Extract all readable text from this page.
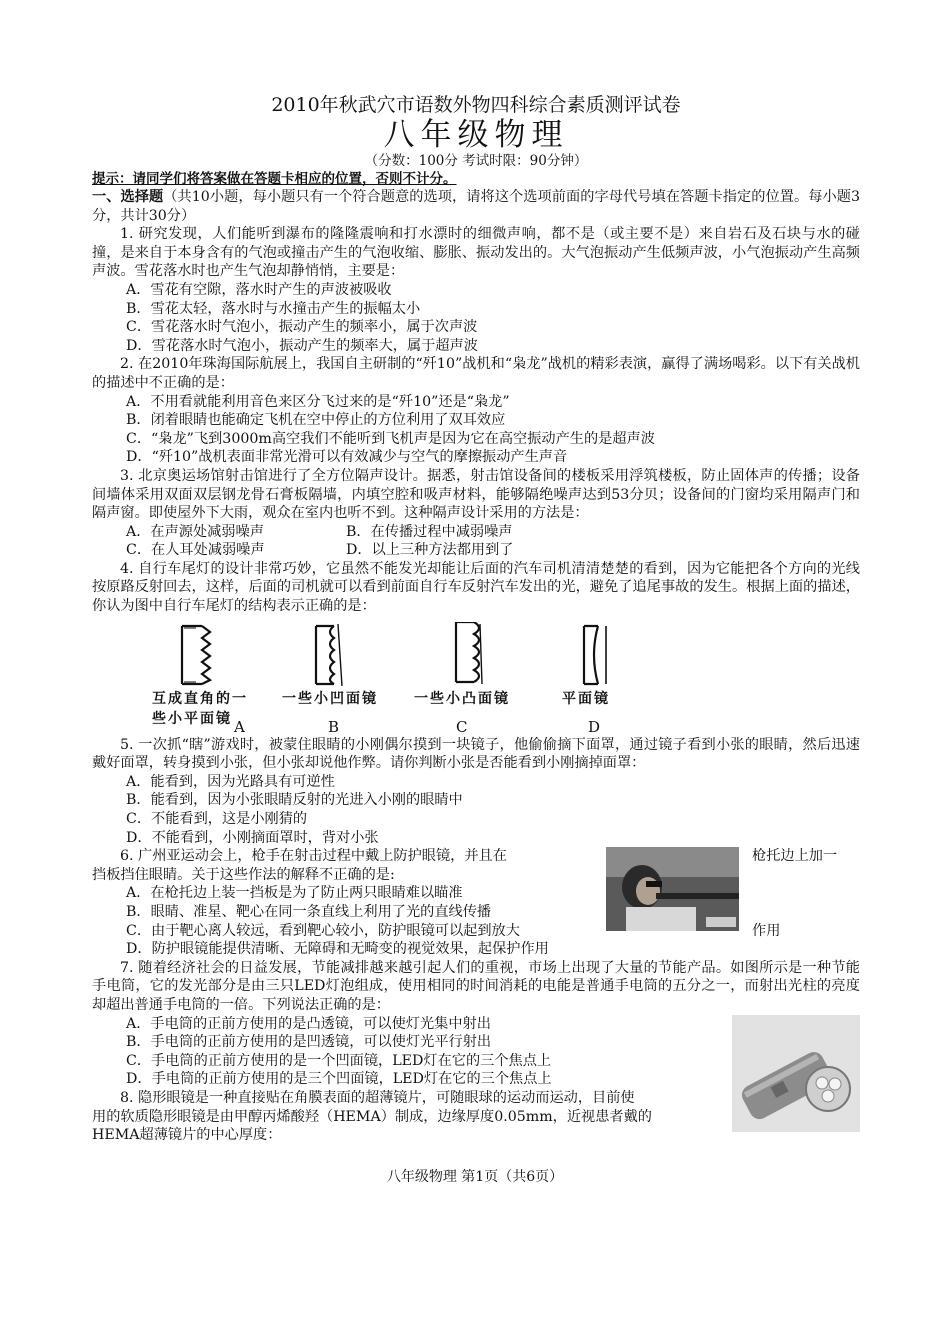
2010年秋武穴市语数外物四科综合素质测评试卷
八年级物理
（分数：100分 考试时限：90分钟）
提示：请同学们将答案做在答题卡相应的位置，否则不计分。

一、选择题（共10小题，每小题只有一个符合题意的选项，请将这个选项前面的字母代号填在答题卡指定的位置。每小题3分，共计30分）

1. 研究发现，人们能听到瀑布的隆隆震响和打水漂时的细微声响，都不是（或主要不是）来自岩石及石块与水的碰撞，是来自于本身含有的气泡或撞击产生的气泡收缩、膨胀、振动发出的。大气泡振动产生低频声波，小气泡振动产生高频声波。雪花落水时也产生气泡却静悄悄，主要是：

A．雪花有空隙，落水时产生的声波被吸收
B．雪花太轻，落水时与水撞击产生的振幅太小
C．雪花落水时气泡小，振动产生的频率小，属于次声波
D．雪花落水时气泡小，振动产生的频率大，属于超声波

2. 在2010年珠海国际航展上，我国自主研制的“歼10”战机和“枭龙”战机的精彩表演，赢得了满场喝彩。以下有关战机的描述中不正确的是：

A．不用看就能利用音色来区分飞过来的是“歼10”还是“枭龙”
B．闭着眼睛也能确定飞机在空中停止的方位利用了双耳效应
C．“枭龙”飞到3000m高空我们不能听到飞机声是因为它在高空振动产生的是超声波
D．“歼10”战机表面非常光滑可以有效减少与空气的摩擦振动产生声音

3. 北京奥运场馆射击馆进行了全方位隔声设计。据悉，射击馆设备间的楼板采用浮筑楼板，防止固体声的传播；设备间墙体采用双面双层钢龙骨石膏板隔墙，内填空腔和吸声材料，能够隔绝噪声达到53分贝；设备间的门窗均采用隔声门和隔声窗。即使屋外下大雨，观众在室内也听不到。这种隔声设计采用的方法是：

A．在声源处减弱噪声	B．在传播过程中减弱噪声
C．在人耳处减弱噪声	D．以上三种方法都用到了

4. 自行车尾灯的设计非常巧妙，它虽然不能发光却能让后面的汽车司机清清楚楚的看到，因为它能把各个方向的光线按原路反射回去，这样，后面的司机就可以看到前面自行车反射汽车发出的光，避免了追尾事故的发生。根据上面的描述，你认为图中自行车尾灯的结构表示正确的是：

互成直角的一
些小平面镜
一些小凹面镜	一些小凸面镜	平面镜
A	B	C	D

5. 一次抓“瞎”游戏时，被蒙住眼睛的小刚偶尔摸到一块镜子，他偷偷摘下面罩，通过镜子看到小张的眼睛，然后迅速戴好面罩，转身摸到小张，但小张却说他作弊。请你判断小张是否能看到小刚摘掉面罩：

A．能看到，因为光路具有可逆性
B．能看到，因为小张眼睛反射的光进入小刚的眼睛中
C．不能看到，这是小刚猜的
D．不能看到，小刚摘面罩时，背对小张
枪托边上加一

6. 广州亚运动会上，枪手在射击过程中戴上防护眼镜，并且在

挡板挡住眼睛。关于这些作法的解释不正确的是:

A．在枪托边上装一挡板是为了防止两只眼睛难以瞄准
B．眼睛、准星、靶心在同一条直线上利用了光的直线传播
C．由于靶心离人较远，看到靶心较小，防护眼镜可以起到放大	作用
D．防护眼镜能提供清晰、无障碍和无畸变的视觉效果，起保护作用

7. 随着经济社会的日益发展，节能减排越来越引起人们的重视，市场上出现了大量的节能产品。如图所示是一种节能手电筒，它的发光部分是由三只LED灯泡组成，使用相同的时间消耗的电能是普通手电筒的五分之一，而射出光柱的亮度却超出普通手电筒的一倍。下列说法正确的是：

A．手电筒的正前方使用的是凸透镜，可以使灯光集中射出
B．手电筒的正前方使用的是凹透镜，可以使灯光平行射出
C．手电筒的正前方使用的是一个凹面镜，LED灯在它的三个焦点上
D．手电筒的正前方使用的是三个凹面镜，LED灯在它的三个焦点上

8. 隐形眼镜是一种直接贴在角膜表面的超薄镜片，可随眼球的运动而运动，目前使

用的软质隐形眼镜是由甲醇丙烯酸羟（HEMA）制成，边缘厚度0.05mm，近视患者戴的

HEMA超薄镜片的中心厚度：

八年级物理 第1页（共6页）
